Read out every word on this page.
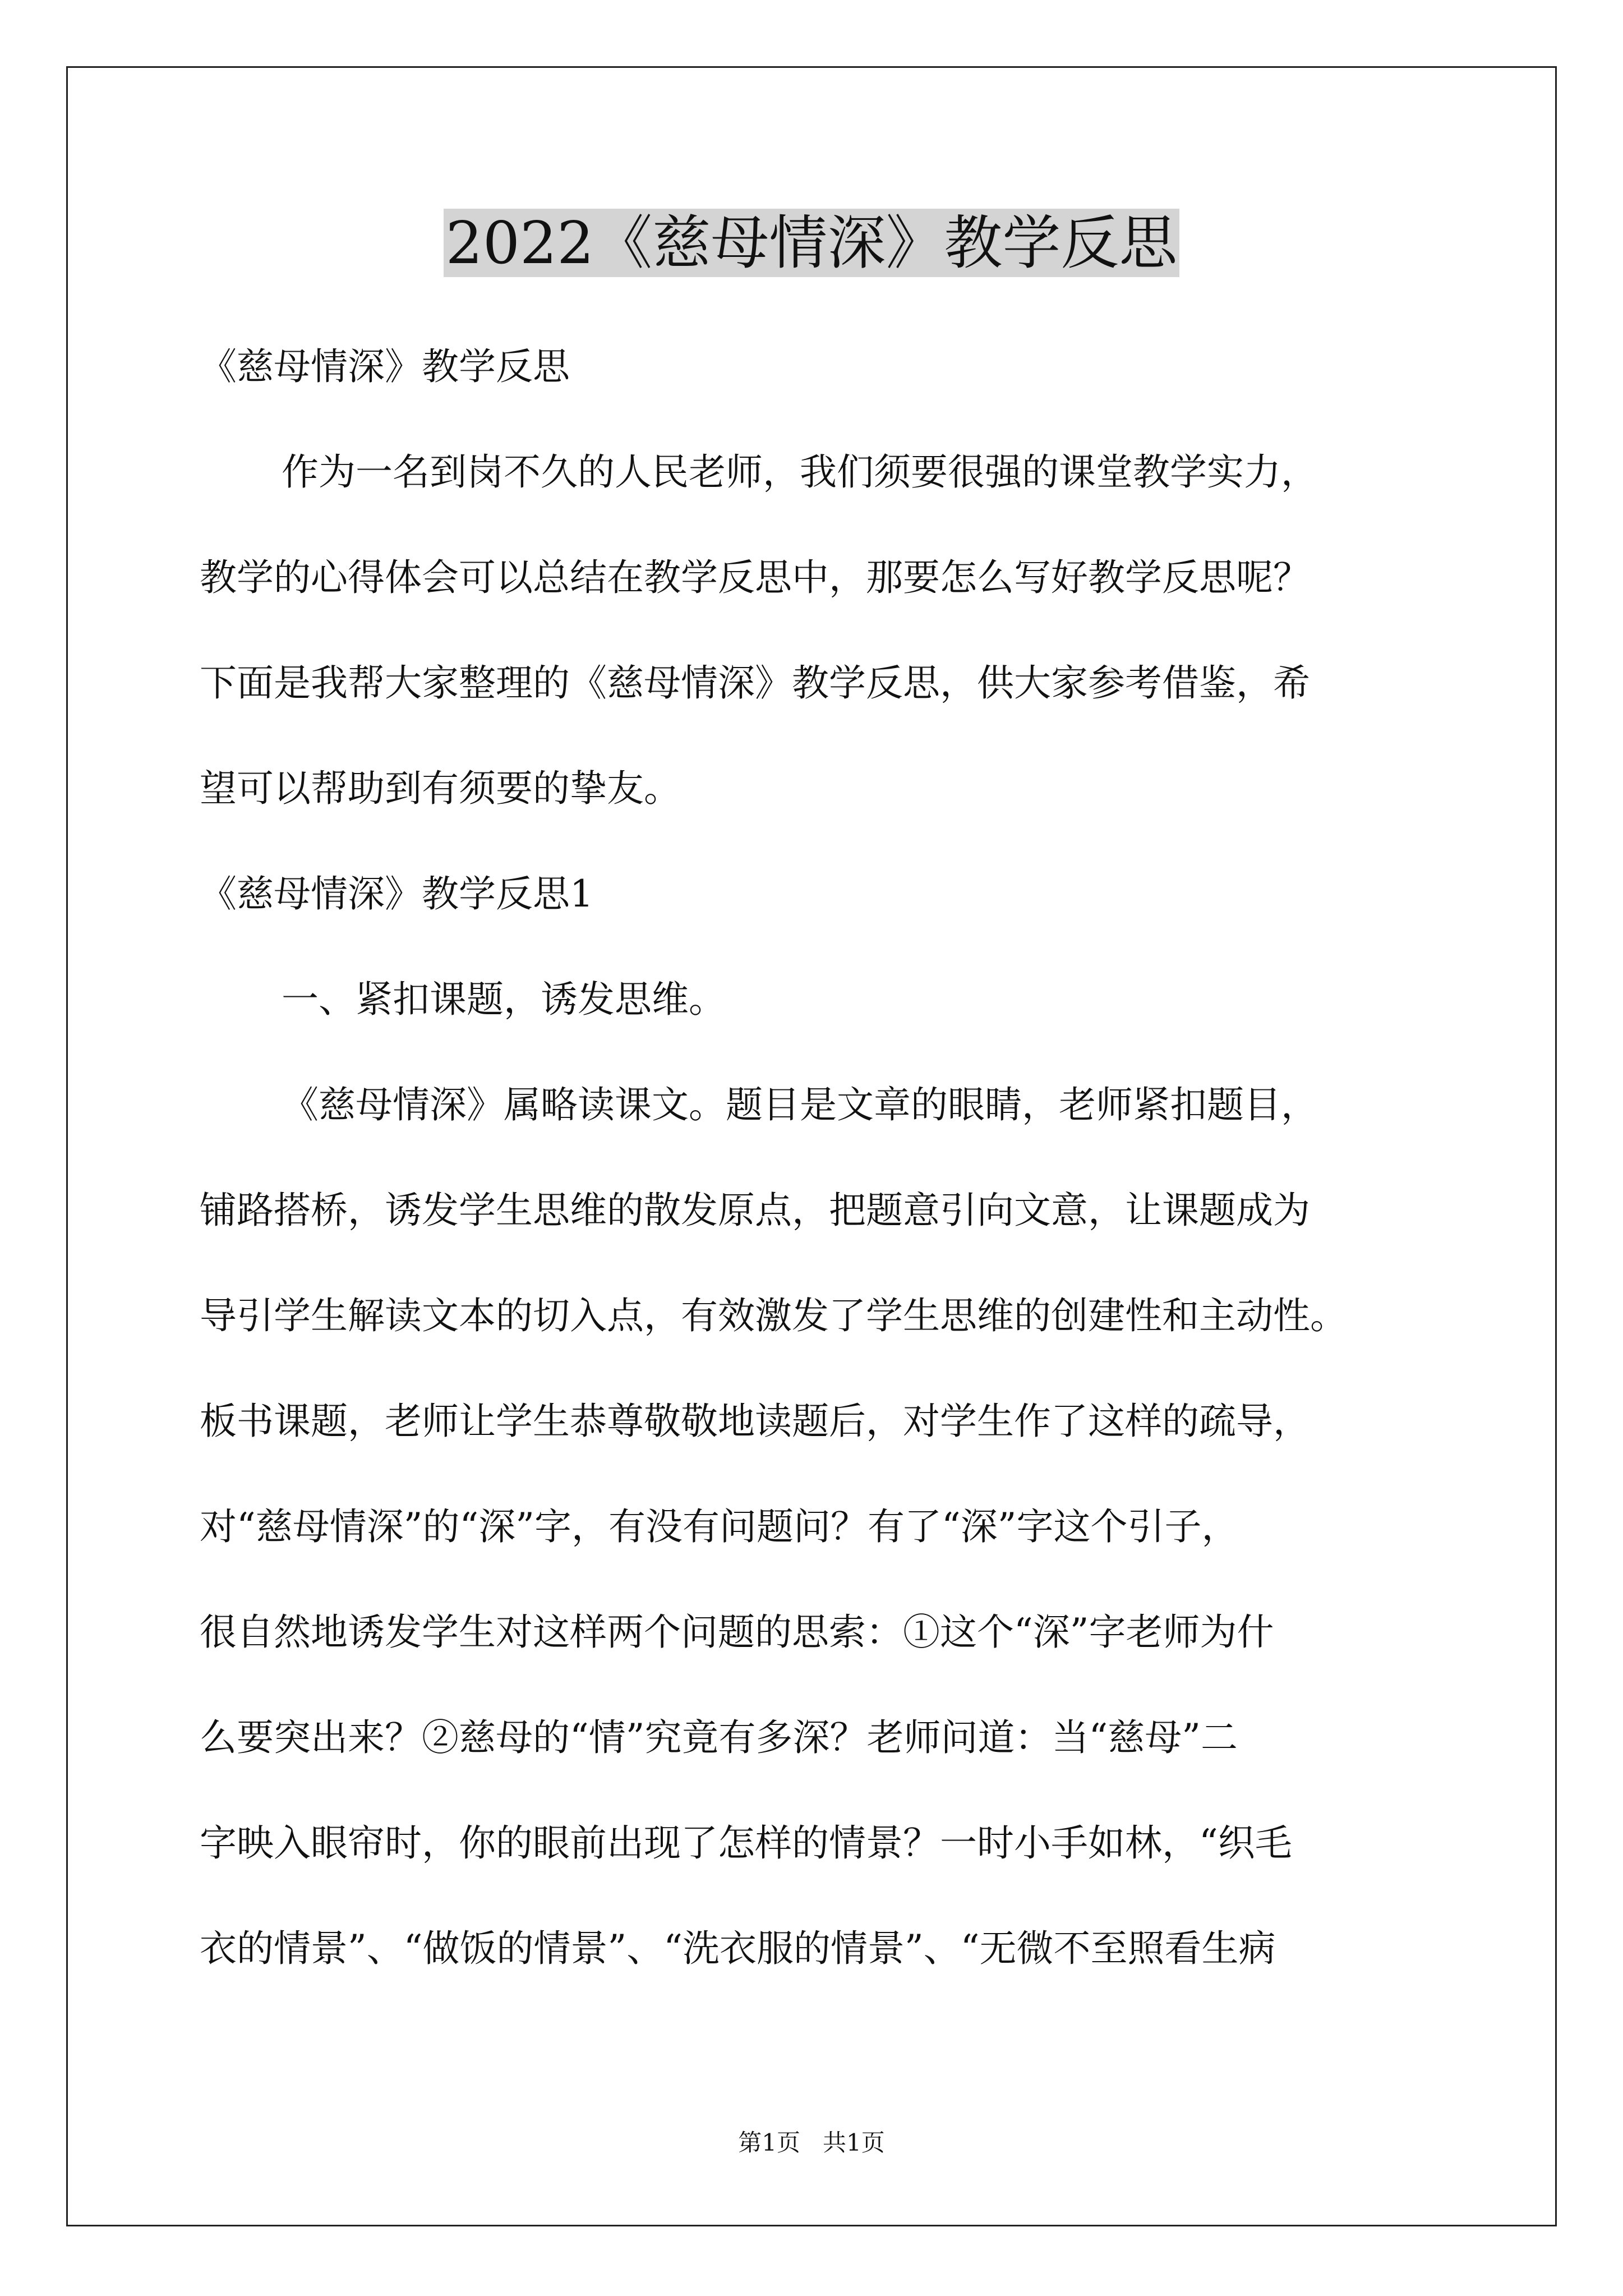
2022《慈母情深》教学反思

《慈母情深》教学反思

作为一名到岗不久的人民老师，我们须要很强的课堂教学实力，

教学的心得体会可以总结在教学反思中，那要怎么写好教学反思呢？

下面是我帮大家整理的《慈母情深》教学反思，供大家参考借鉴，希

望可以帮助到有须要的挚友。

《慈母情深》教学反思1

一、紧扣课题，诱发思维。

《慈母情深》属略读课文。题目是文章的眼睛，老师紧扣题目，

铺路搭桥，诱发学生思维的散发原点，把题意引向文意，让课题成为

导引学生解读文本的切入点，有效激发了学生思维的创建性和主动性。

板书课题，老师让学生恭尊敬敬地读题后，对学生作了这样的疏导，

对“慈母情深”的“深”字，有没有问题问？有了“深”字这个引子，

很自然地诱发学生对这样两个问题的思索：①这个“深”字老师为什

么要突出来？②慈母的“情”究竟有多深？老师问道：当“慈母”二

字映入眼帘时，你的眼前出现了怎样的情景？一时小手如林，“织毛

衣的情景”、“做饭的情景”、“洗衣服的情景”、“无微不至照看生病

第1页   共1页
